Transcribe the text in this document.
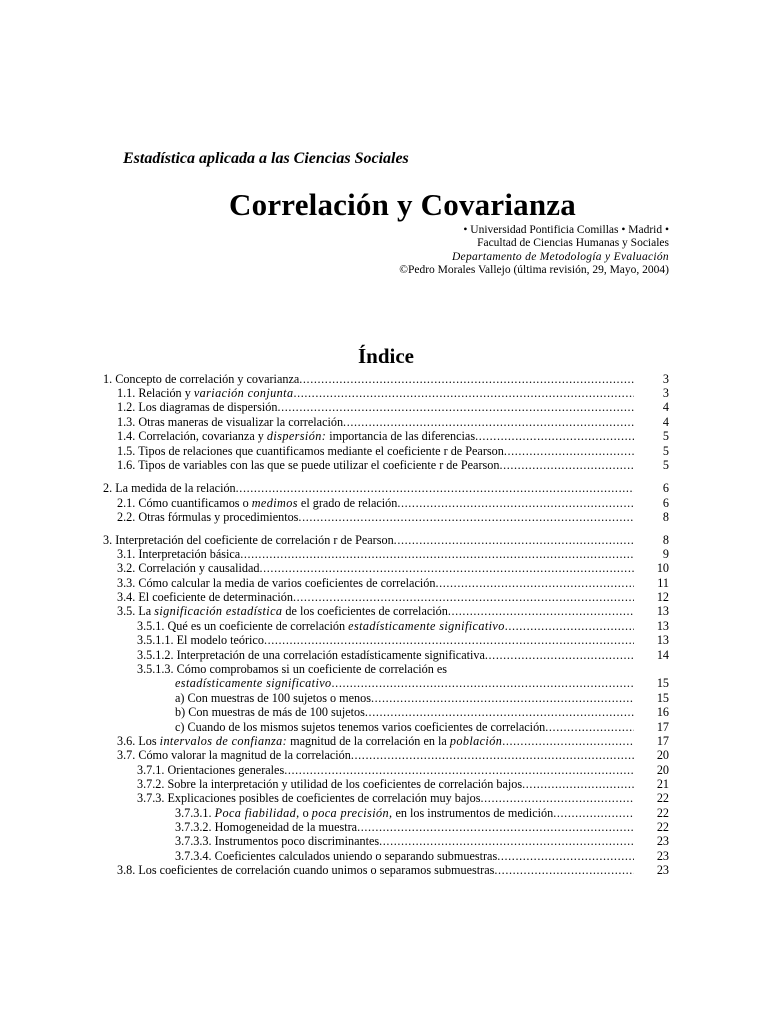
Estadística aplicada a las Ciencias Sociales
Correlación y Covarianza
• Universidad Pontificia Comillas • Madrid •
Facultad de Ciencias Humanas y Sociales
Departamento de Metodología y Evaluación
©Pedro Morales Vallejo (última revisión, 29, Mayo, 2004)
Índice
1. Concepto de correlación y covarianza .....	3
1.1. Relación y variación conjunta .....	3
1.2. Los diagramas de dispersión .....	4
1.3. Otras maneras de visualizar la correlación .....	4
1.4. Correlación, covarianza y dispersión: importancia de las diferencias .....	5
1.5. Tipos de relaciones que cuantificamos mediante el coeficiente r de Pearson .....	5
1.6. Tipos de variables con las que se puede utilizar el coeficiente r de Pearson .....	5
2. La medida de la relación .....	6
2.1. Cómo cuantificamos o medimos el grado de relación .....	6
2.2. Otras fórmulas y procedimientos .....	8
3. Interpretación del coeficiente de correlación r de Pearson .....	8
3.1. Interpretación básica .....	9
3.2. Correlación y causalidad .....	10
3.3. Cómo calcular la media de varios coeficientes de correlación .....	11
3.4. El coeficiente de determinación .....	12
3.5. La significación estadística de los coeficientes de correlación .....	13
3.5.1. Qué es un coeficiente de correlación estadísticamente significativo .....	13
3.5.1.1. El modelo teórico .....	13
3.5.1.2. Interpretación de una correlación estadísticamente significativa .....	14
3.5.1.3. Cómo comprobamos si un coeficiente de correlación es
estadísticamente significativo .....	15
a) Con muestras de 100 sujetos o menos .....	15
b) Con muestras de más de 100 sujetos .....	16
c) Cuando de los mismos sujetos tenemos varios coeficientes de correlación .....	17
3.6. Los intervalos de confianza: magnitud de la correlación en la población .....	17
3.7. Cómo valorar la magnitud de la correlación .....	20
3.7.1. Orientaciones generales .....	20
3.7.2. Sobre la interpretación y utilidad de los coeficientes de correlación bajos .....	21
3.7.3. Explicaciones posibles de coeficientes de correlación muy bajos .....	22
3.7.3.1. Poca fiabilidad, o poca precisión, en los instrumentos de medición .....	22
3.7.3.2. Homogeneidad de la muestra .....	22
3.7.3.3. Instrumentos poco discriminantes .....	23
3.7.3.4. Coeficientes calculados uniendo o separando submuestras .....	23
3.8. Los coeficientes de correlación cuando unimos o separamos submuestras .....	23
